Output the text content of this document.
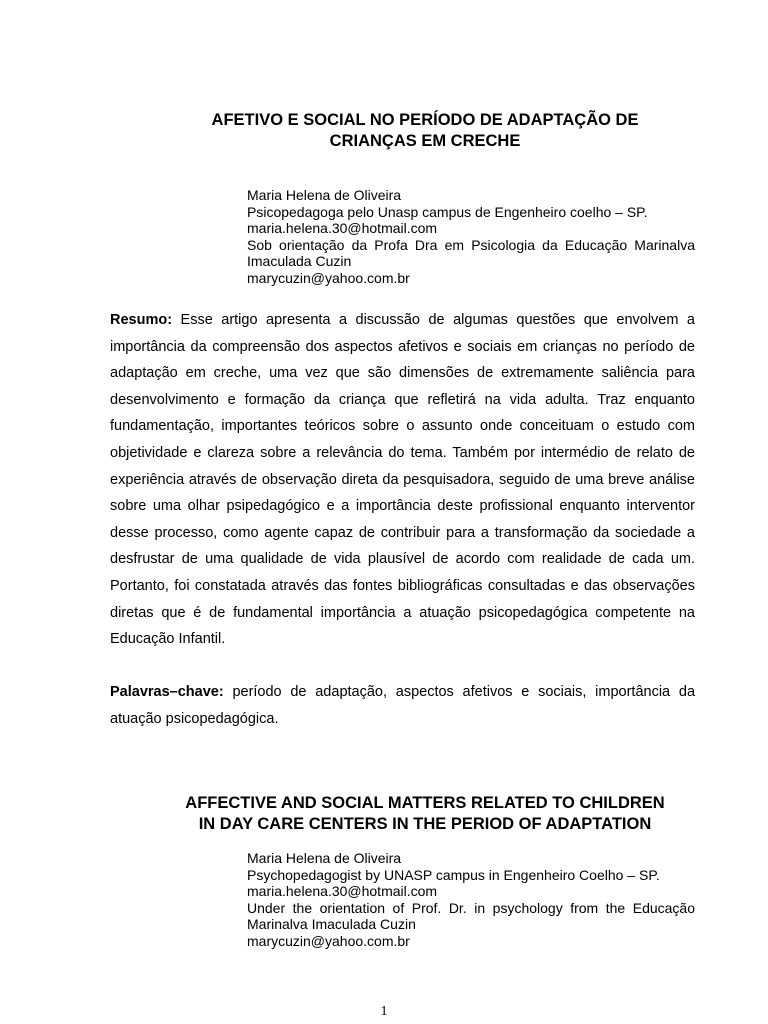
AFETIVO E SOCIAL NO PERÍODO DE ADAPTAÇÃO DE
CRIANÇAS EM CRECHE
Maria Helena de Oliveira
Psicopedagoga pelo Unasp campus de Engenheiro coelho – SP.
maria.helena.30@hotmail.com
Sob orientação da Profa Dra em Psicologia da Educação Marinalva
Imaculada Cuzin
marycuzin@yahoo.com.br

Resumo: Esse artigo apresenta a discussão de algumas questões que envolvem a importância da compreensão dos aspectos afetivos e sociais em crianças no período de adaptação em creche, uma vez que são dimensões de extremamente saliência para desenvolvimento e formação da criança que refletirá na vida adulta. Traz enquanto fundamentação, importantes teóricos sobre o assunto onde conceituam o estudo com objetividade e clareza sobre a relevância do tema. Também por intermédio de relato de experiência através de observação direta da pesquisadora, seguido de uma breve análise sobre uma olhar psipedagógico e a importância deste profissional enquanto interventor desse processo, como agente capaz de contribuir para a transformação da sociedade a desfrustar de uma qualidade de vida plausível de acordo com realidade de cada um. Portanto, foi constatada através das fontes bibliográficas consultadas e das observações diretas que é de fundamental importância a atuação psicopedagógica competente na Educação Infantil.

Palavras–chave: período de adaptação, aspectos afetivos e sociais, importância da atuação psicopedagógica.

AFFECTIVE AND SOCIAL MATTERS RELATED TO CHILDREN
IN DAY CARE CENTERS IN THE PERIOD OF ADAPTATION
Maria Helena de Oliveira
Psychopedagogist by UNASP campus in Engenheiro Coelho – SP.
maria.helena.30@hotmail.com
Under the orientation of Prof. Dr. in psychology from the Educação
Marinalva Imaculada Cuzin
marycuzin@yahoo.com.br
1
